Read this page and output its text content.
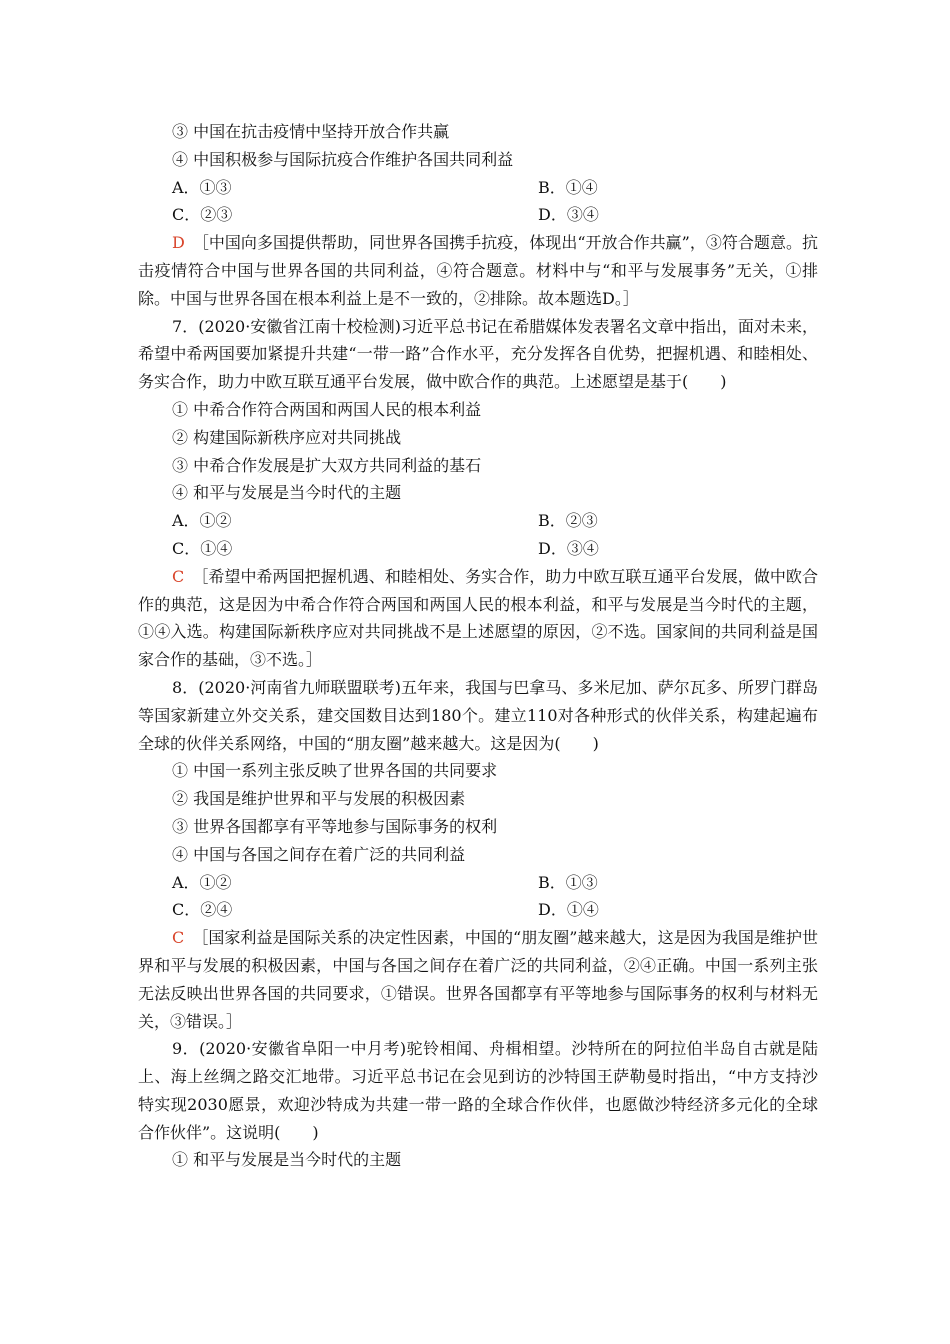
③ 中国在抗击疫情中坚持开放合作共赢
④ 中国积极参与国际抗疫合作维护各国共同利益
A．①③	B．①④
C．②③	D．③④

D　 ［中国向多国提供帮助，同世界各国携手抗疫，体现出“开放合作共赢”，③符合题意。抗击疫情符合中国与世界各国的共同利益，④符合题意。材料中与“和平与发展事务”无关，①排除。中国与世界各国在根本利益上是不一致的，②排除。故本题选D。］

7．(2020·安徽省江南十校检测)习近平总书记在希腊媒体发表署名文章中指出，面对未来，希望中希两国要加紧提升共建“一带一路”合作水平，充分发挥各自优势，把握机遇、和睦相处、务实合作，助力中欧互联互通平台发展，做中欧合作的典范。上述愿望是基于(　　)

① 中希合作符合两国和两国人民的根本利益
② 构建国际新秩序应对共同挑战
③ 中希合作发展是扩大双方共同利益的基石
④ 和平与发展是当今时代的主题
A．①②	B．②③
C．①④	D．③④

C　 ［希望中希两国把握机遇、和睦相处、务实合作，助力中欧互联互通平台发展，做中欧合作的典范，这是因为中希合作符合两国和两国人民的根本利益，和平与发展是当今时代的主题，①④入选。构建国际新秩序应对共同挑战不是上述愿望的原因，②不选。国家间的共同利益是国家合作的基础，③不选。］

8．(2020·河南省九师联盟联考)五年来，我国与巴拿马、多米尼加、萨尔瓦多、所罗门群岛等国家新建立外交关系，建交国数目达到180个。建立110对各种形式的伙伴关系，构建起遍布全球的伙伴关系网络，中国的“朋友圈”越来越大。这是因为(　　)

① 中国一系列主张反映了世界各国的共同要求
② 我国是维护世界和平与发展的积极因素
③ 世界各国都享有平等地参与国际事务的权利
④ 中国与各国之间存在着广泛的共同利益
A．①②	B．①③
C．②④	D．①④

C　 ［国家利益是国际关系的决定性因素，中国的“朋友圈”越来越大，这是因为我国是维护世界和平与发展的积极因素，中国与各国之间存在着广泛的共同利益，②④正确。中国一系列主张无法反映出世界各国的共同要求，①错误。世界各国都享有平等地参与国际事务的权利与材料无关，③错误。］

9．(2020·安徽省阜阳一中月考)驼铃相闻、舟楫相望。沙特所在的阿拉伯半岛自古就是陆上、海上丝绸之路交汇地带。习近平总书记在会见到访的沙特国王萨勒曼时指出，“中方支持沙特实现2030愿景，欢迎沙特成为共建一带一路的全球合作伙伴，也愿做沙特经济多元化的全球合作伙伴”。这说明(　　)

① 和平与发展是当今时代的主题
